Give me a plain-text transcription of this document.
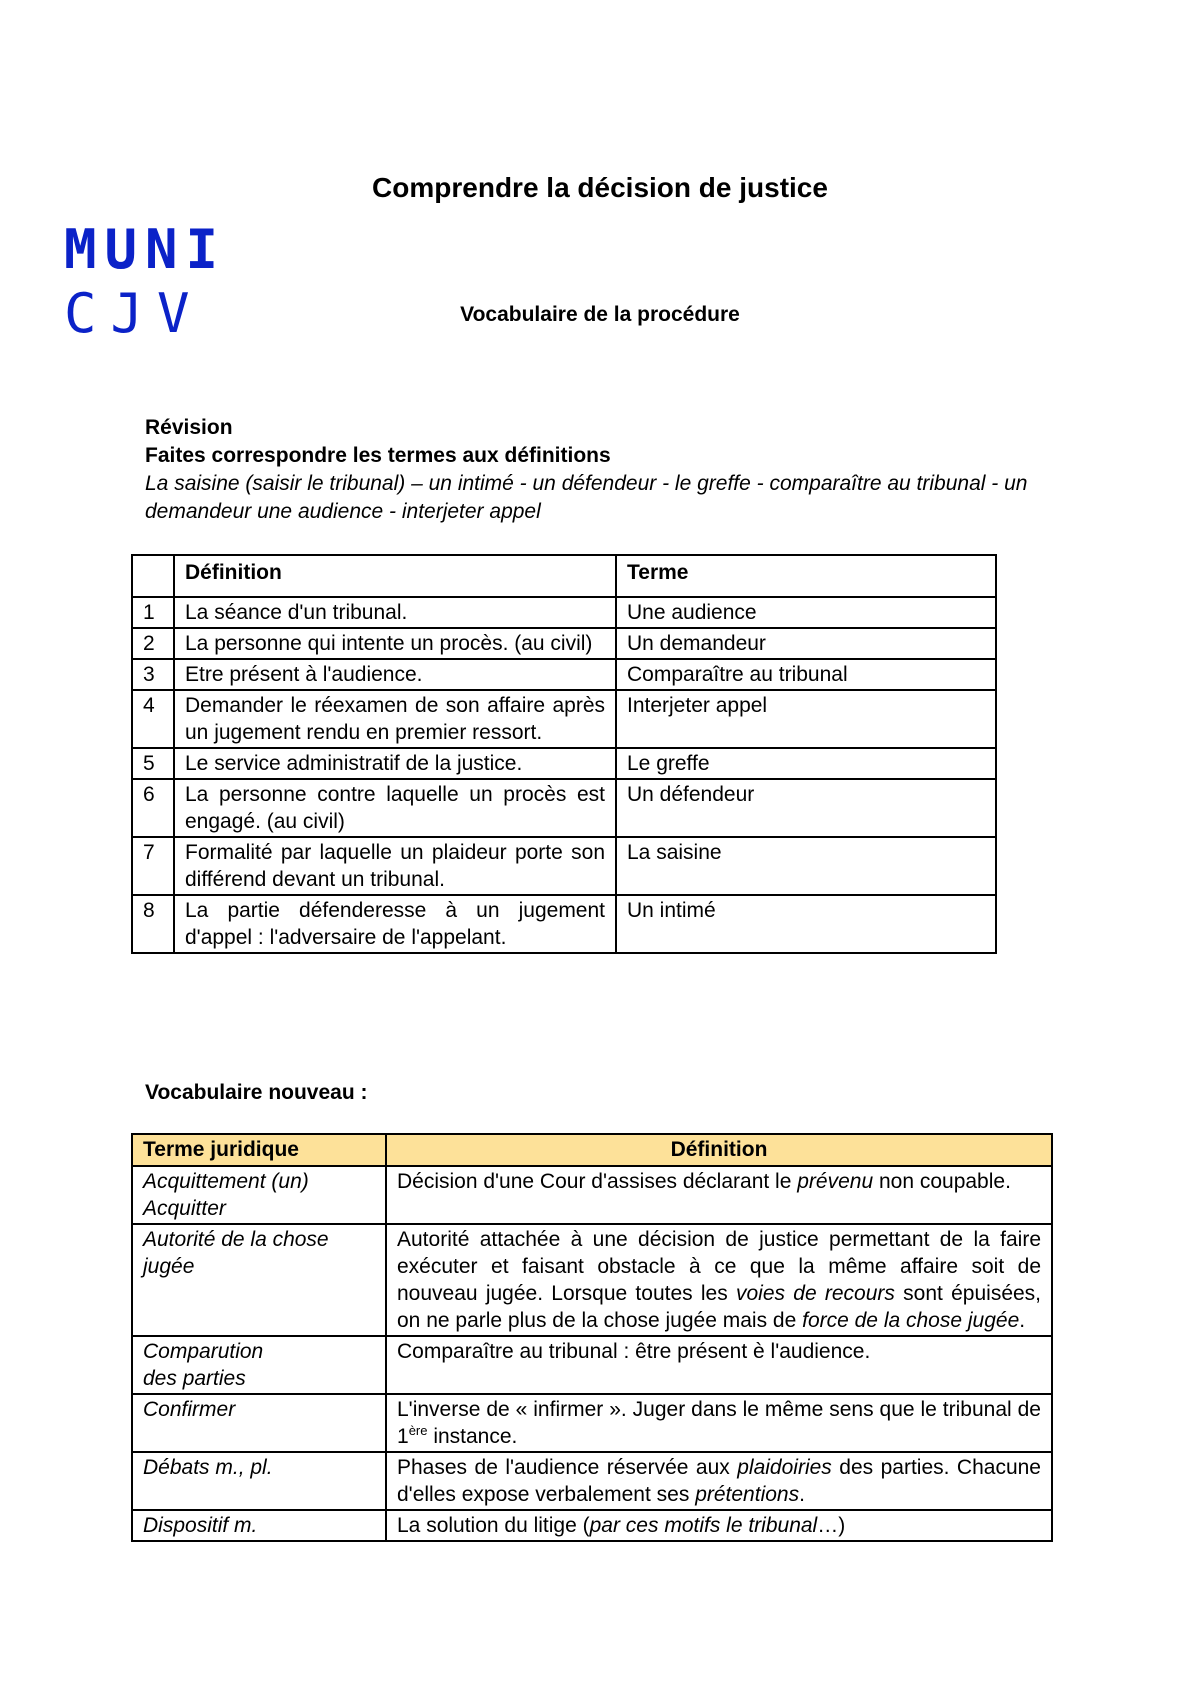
MUNI
CJV
Comprendre la décision de justice
Vocabulaire de la procédure
Révision
Faites correspondre les termes aux définitions
La saisine (saisir le tribunal) – un intimé - un défendeur - le greffe - comparaître au tribunal - un demandeur une audience - interjeter appel
	Définition	Terme
1	La séance d'un tribunal.	Une audience
2	La personne qui intente un procès. (au civil)	Un demandeur
3	Etre présent à l'audience.	Comparaître au tribunal
4	Demander le réexamen de son affaire après un jugement rendu en premier ressort.	Interjeter appel
5	Le service administratif de la justice.	Le greffe
6	La personne contre laquelle un procès est engagé. (au civil)	Un défendeur
7	Formalité par laquelle un plaideur porte son différend devant un tribunal.	La saisine
8	La partie défenderesse à un jugement d'appel : l'adversaire de l'appelant.	Un intimé
Vocabulaire nouveau :
Terme juridique	Définition

Acquittement (un)
Acquitter	Décision d'une Cour d'assises déclarant le prévenu non coupable.

Autorité de la chose jugée	Autorité attachée à une décision de justice permettant de la faire exécuter et faisant obstacle à ce que la même affaire soit de nouveau jugée. Lorsque toutes les voies de recours sont épuisées, on ne parle plus de la chose jugée mais de force de la chose jugée.

Comparution
des parties	Comparaître au tribunal : être présent è l'audience.

Confirmer	L'inverse de « infirmer ». Juger dans le même sens que le tribunal de 1ère instance.

Débats m., pl.	Phases de l'audience réservée aux plaidoiries des parties. Chacune d'elles expose verbalement ses prétentions.

Dispositif m.	La solution du litige (par ces motifs le tribunal…)
